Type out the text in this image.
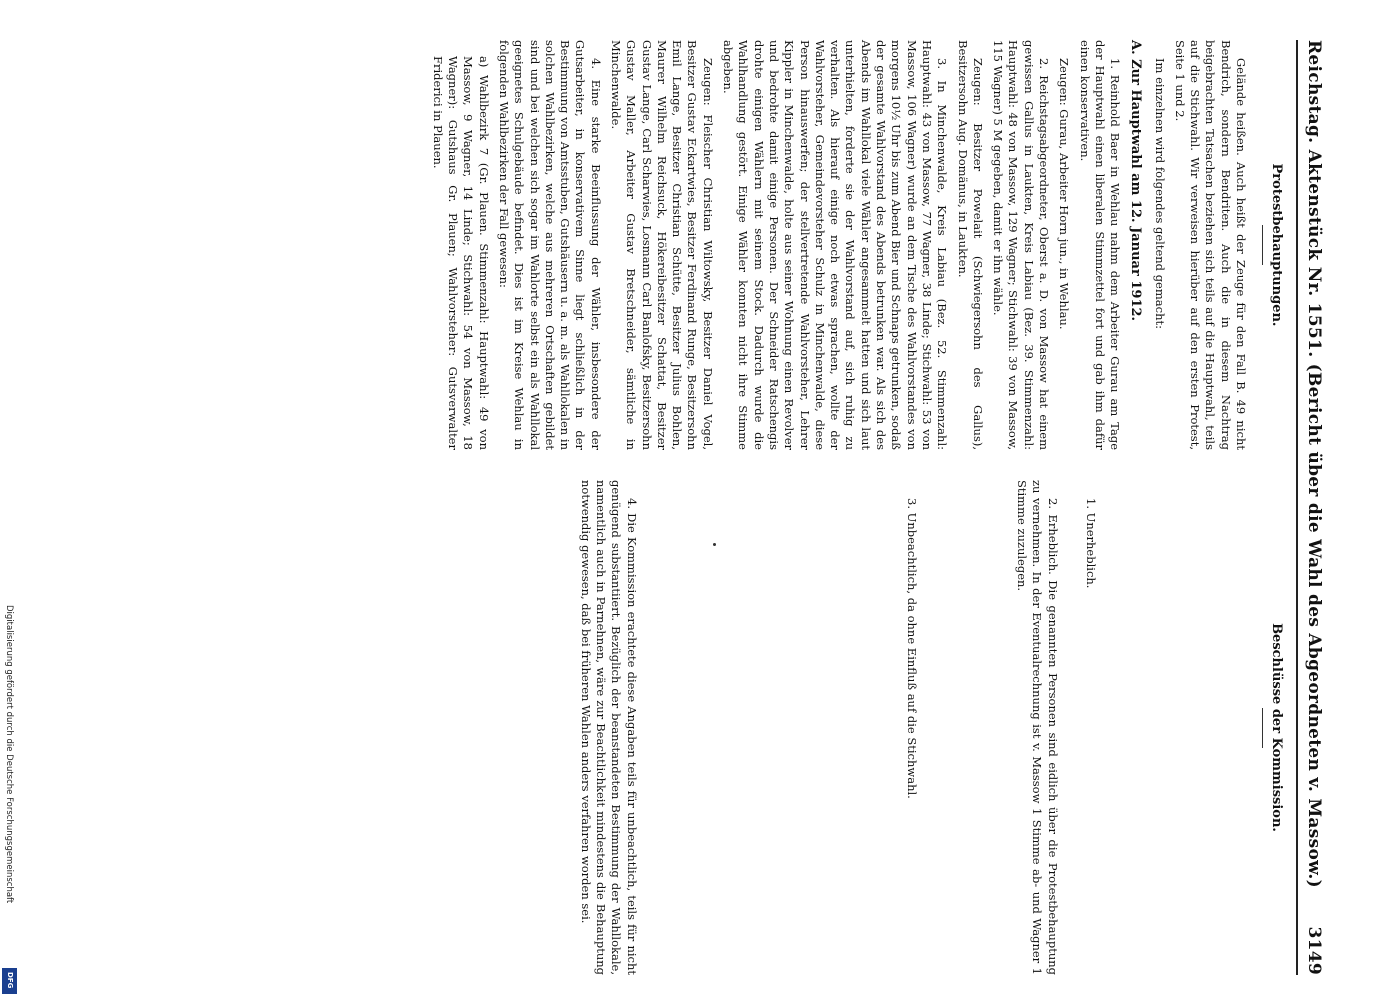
Reichstag. Aktenstück Nr. 1551. (Bericht über die Wahl des Abgeordneten v. Massow.)
3149
Protestbehauptungen.

Gelände heißen. Auch heißt der Zeuge für den Fall B. 49 nicht Bendrich, sondern Bendriten. Auch die in diesem Nachtrag beigebrachten Tatsachen beziehen sich teils auf die Hauptwahl, teils auf die Stichwahl. Wir verweisen hierüber auf den ersten Protest, Seite 1 und 2.

Im einzelnen wird folgendes geltend gemacht:

A. Zur Hauptwahl am 12. Januar 1912.

1. Reinhold Baer in Wehlau nahm dem Arbeiter Gurau am Tage der Hauptwahl einen liberalen Stimmzettel fort und gab ihm dafür einen konservativen.

Zeugen: Gurau, Arbeiter Horn jun., in Wehlau.

2. Reichstagsabgeordneter, Oberst a. D. von Massow hat einem gewissen Gallus in Laukten, Kreis Labiau (Bez. 39. Stimmenzahl: Hauptwahl: 48 von Massow, 129 Wagner; Stichwahl: 39 von Massow, 115 Wagner) 5 M gegeben, damit er ihn wähle.

Zeugen: Besitzer Powelait (Schwiegersohn des Gallus), Besitzersohn Aug. Domänus, in Laukten.

3. In Minchenwalde, Kreis Labiau (Bez. 52. Stimmenzahl: Hauptwahl: 43 von Massow, 77 Wagner, 38 Linde; Stichwahl: 53 von Massow, 106 Wagner) wurde an dem Tische des Wahlvorstandes von morgens 10½ Uhr bis zum Abend Bier und Schnaps getrunken, sodaß der gesamte Wahlvorstand des Abends betrunken war. Als sich des Abends im Wahllokal viele Wähler angesammelt hatten und sich laut unterhielten, forderte sie der Wahlvorstand auf, sich ruhig zu verhalten. Als hierauf einige noch etwas sprachen, wollte der Wahlvorsteher, Gemeindevorsteher Schulz in Minchenwalde, diese Person hinauswerfen; der stellvertretende Wahlvorsteher, Lehrer Kippler in Minchenwalde, holte aus seiner Wohnung einen Revolver und bedrohte damit einige Personen. Der Schneider Ratschengis drohte einigen Wählern mit seinem Stock. Dadurch wurde die Wahlhandlung gestört. Einige Wähler konnten nicht ihre Stimme abgeben.

Zeugen: Fleischer Christian Wiltowsky, Besitzer Daniel Vogel, Besitzer Gustav Eckartwies, Besitzer Ferdinand Runge, Besitzersohn Emil Lange, Besitzer Christian Schütte, Besitzer Julius Bohlen, Maurer Wilhelm Reichsuck, Hökereibesitzer Schattat, Besitzer Gustav Lange, Carl Scharwies, Losmann Carl Banlofsky, Besitzersohn Gustav Maller, Arbeiter Gustav Bretschneider, sämtliche in Minchenwalde.

4. Eine starke Beeinflussung der Wähler, insbesondere der Gutsarbeiter, in konservativem Sinne liegt schließlich in der Bestimmung von Amtsstuben, Gutshäusern u. a. m. als Wahllokalen in solchen Wahlbezirken, welche aus mehreren Ortschaften gebildet sind und bei welchen sich sogar im Wahlorte selbst ein als Wahllokal geeignetes Schulgebäude befindet. Dies ist im Kreise Wehlau in folgenden Wahlbezirken der Fall gewesen:

a) Wahlbezirk 7 (Gr. Plauen. Stimmenzahl: Hauptwahl: 49 von Massow, 9 Wagner, 14 Linde; Stichwahl: 54 von Massow, 18 Wagner): Gutshaus Gr. Plauen; Wahlvorsteher: Gutsverwalter Friderici in Plauen.

Beschlüsse der Kommission.

1. Unerheblich.

2. Erheblich. Die genannten Personen sind eidlich über die Protestbehauptung zu vernehmen. In der Eventualrechnung ist v. Massow 1 Stimme ab- und Wagner 1 Stimme zuzulegen.

3. Unbeachtlich, da ohne Einfluß auf die Stichwahl.

4. Die Kommission erachtete diese Angaben teils für unbeachtlich, teils für nicht genügend substantiiert. Bezüglich der beanstandeten Bestimmung der Wahllokale, namentlich auch in Parnehnen, wäre zur Beachtlichkeit mindestens die Behauptung notwendig gewesen, daß bei früheren Wahlen anders verfahren worden sei.

Digitalisierung gefördert durch die Deutsche Forschungsgemeinschaft
DFG
